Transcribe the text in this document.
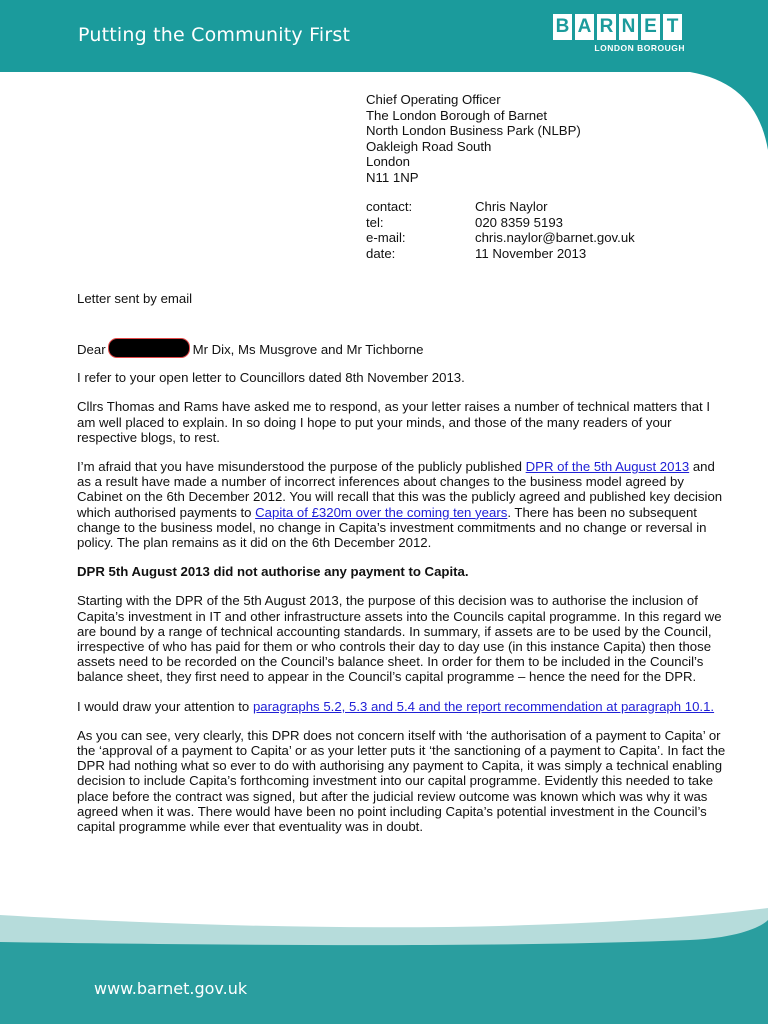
Putting the Community First	B A R N E T
LONDON BOROUGH
Chief Operating Officer
The London Borough of Barnet
North London Business Park (NLBP)
Oakleigh Road South
London
N11 1NP
contact:	Chris Naylor
tel:	020 8359 5193
e-mail:	chris.naylor@barnet.gov.uk
date:	11 November 2013

Letter sent by email

Dear	Mr Dix, Ms Musgrove and Mr Tichborne

I refer to your open letter to Councillors dated 8th November 2013.

Cllrs Thomas and Rams have asked me to respond, as your letter raises a number of technical matters that I am well placed to explain. In so doing I hope to put your minds, and those of the many readers of your respective blogs, to rest.

I’m afraid that you have misunderstood the purpose of the publicly published DPR of the 5th August 2013 and as a result have made a number of incorrect inferences about changes to the business model agreed by Cabinet on the 6th December 2012. You will recall that this was the publicly agreed and published key decision which authorised payments to Capita of £320m over the coming ten years. There has been no subsequent change to the business model, no change in Capita’s investment commitments and no change or reversal in policy. The plan remains as it did on the 6th December 2012.

DPR 5th August 2013 did not authorise any payment to Capita.

Starting with the DPR of the 5th August 2013, the purpose of this decision was to authorise the inclusion of Capita’s investment in IT and other infrastructure assets into the Councils capital programme. In this regard we are bound by a range of technical accounting standards. In summary, if assets are to be used by the Council, irrespective of who has paid for them or who controls their day to day use (in this instance Capita) then those assets need to be recorded on the Council’s balance sheet. In order for them to be included in the Council’s balance sheet, they first need to appear in the Council’s capital programme – hence the need for the DPR.

I would draw your attention to paragraphs 5.2, 5.3 and 5.4 and the report recommendation at paragraph 10.1.

As you can see, very clearly, this DPR does not concern itself with ‘the authorisation of a payment to Capita’ or the ‘approval of a payment to Capita’ or as your letter puts it ‘the sanctioning of a payment to Capita’. In fact the DPR had nothing what so ever to do with authorising any payment to Capita, it was simply a technical enabling decision to include Capita’s forthcoming investment into our capital programme. Evidently this needed to take place before the contract was signed, but after the judicial review outcome was known which was why it was agreed when it was. There would have been no point including Capita’s potential investment in the Council’s capital programme while ever that eventuality was in doubt.

www.barnet.gov.uk
